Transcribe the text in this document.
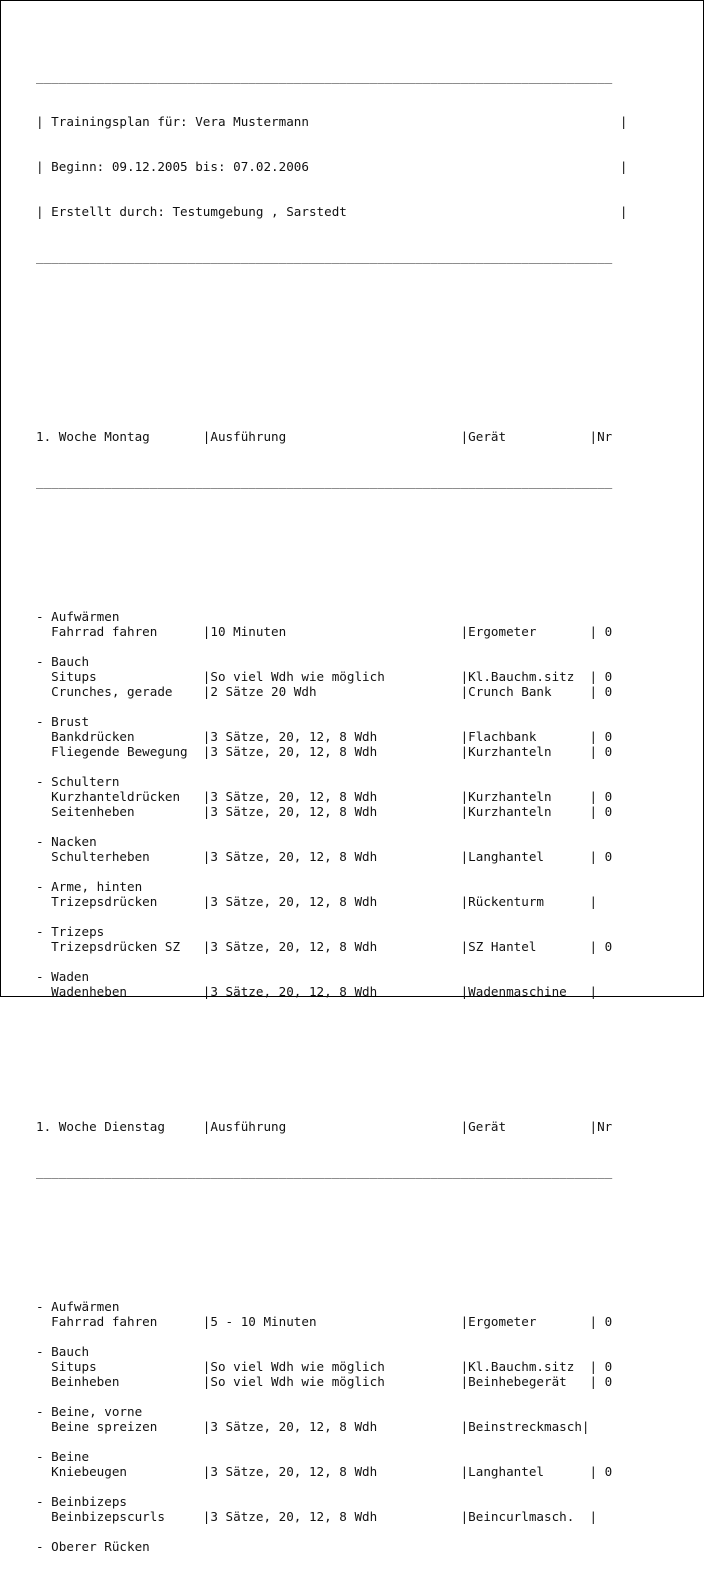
____________________________________________________________________________

| Trainingsplan für: Vera Mustermann                                         |

| Beginn: 09.12.2005 bis: 07.02.2006                                         |

| Erstellt durch: Testumgebung , Sarstedt                                    |

____________________________________________________________________________

1. Woche Montag       |Ausführung                       |Gerät           |Nr

____________________________________________________________________________

- Aufwärmen
Fahrrad fahren      |10 Minuten                       |Ergometer       | 0
- Bauch
Situps              |So viel Wdh wie möglich          |Kl.Bauchm.sitz  | 0
Crunches, gerade    |2 Sätze 20 Wdh                   |Crunch Bank     | 0
- Brust
Bankdrücken         |3 Sätze, 20, 12, 8 Wdh           |Flachbank       | 0
Fliegende Bewegung  |3 Sätze, 20, 12, 8 Wdh           |Kurzhanteln     | 0
- Schultern
Kurzhanteldrücken   |3 Sätze, 20, 12, 8 Wdh           |Kurzhanteln     | 0
Seitenheben         |3 Sätze, 20, 12, 8 Wdh           |Kurzhanteln     | 0
- Nacken
Schulterheben       |3 Sätze, 20, 12, 8 Wdh           |Langhantel      | 0
- Arme, hinten
Trizepsdrücken      |3 Sätze, 20, 12, 8 Wdh           |Rückenturm      |
- Trizeps
Trizepsdrücken SZ   |3 Sätze, 20, 12, 8 Wdh           |SZ Hantel       | 0
- Waden
Wadenheben          |3 Sätze, 20, 12, 8 Wdh           |Wadenmaschine   |

1. Woche Dienstag     |Ausführung                       |Gerät           |Nr

____________________________________________________________________________

- Aufwärmen
Fahrrad fahren      |5 - 10 Minuten                   |Ergometer       | 0
- Bauch
Situps              |So viel Wdh wie möglich          |Kl.Bauchm.sitz  | 0
Beinheben           |So viel Wdh wie möglich          |Beinhebegerät   | 0
- Beine, vorne
Beine spreizen      |3 Sätze, 20, 12, 8 Wdh           |Beinstreckmasch|
- Beine
Kniebeugen          |3 Sätze, 20, 12, 8 Wdh           |Langhantel      | 0
- Beinbizeps
Beinbizepscurls     |3 Sätze, 20, 12, 8 Wdh           |Beincurlmasch.  |
- Oberer Rücken
